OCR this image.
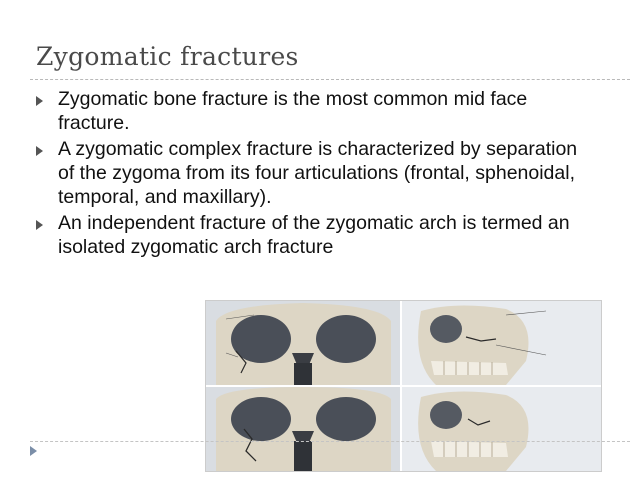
Zygomatic fractures
Zygomatic bone fracture is the most common mid face fracture.
A zygomatic complex fracture is characterized by separation of the zygoma from its four articulations (frontal, sphenoidal, temporal, and maxillary).
An independent fracture of the zygomatic arch is termed an isolated zygomatic arch fracture
